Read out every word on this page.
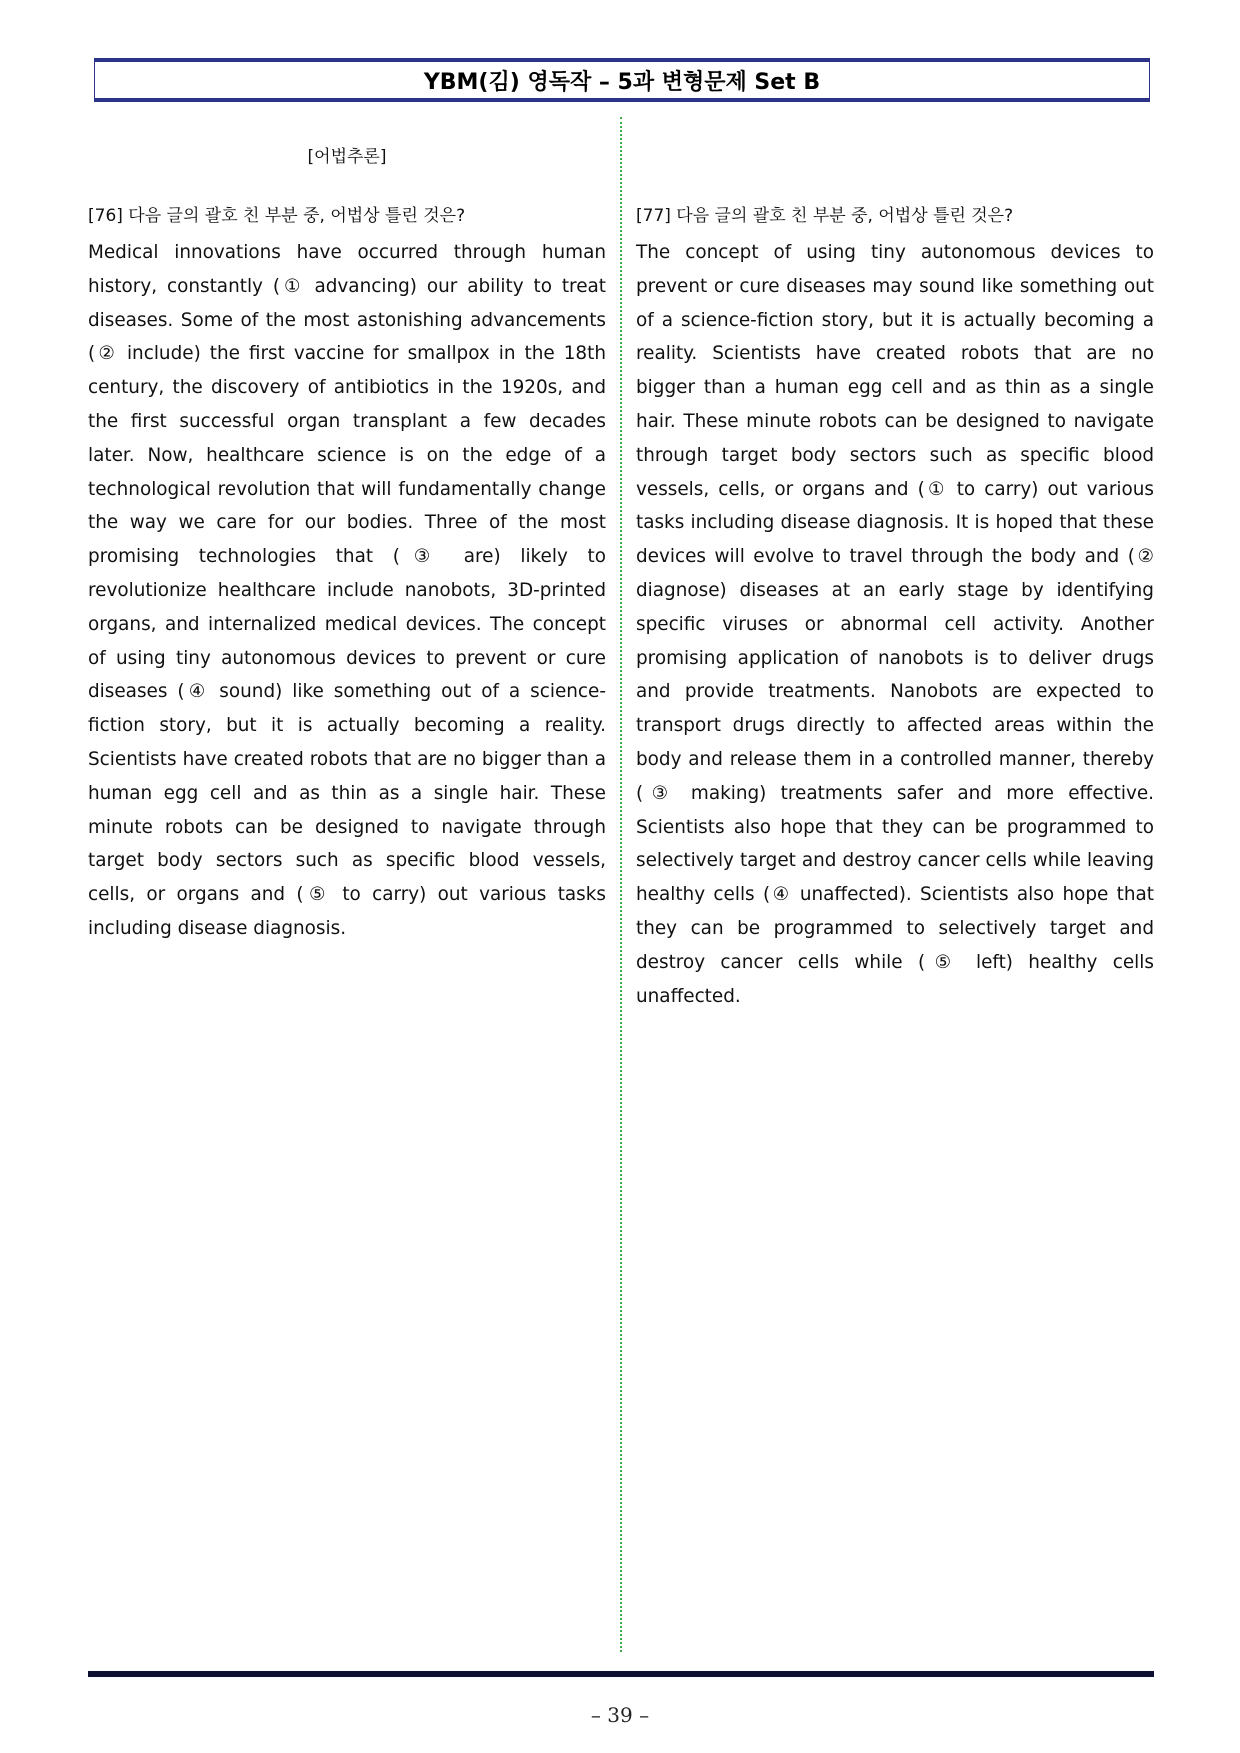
YBM(김) 영독작 – 5과 변형문제 Set B
[어법추론]
[76] 다음 글의 괄호 친 부분 중, 어법상 틀린 것은?

Medical innovations have occurred through human history, constantly (① advancing) our ability to treat diseases. Some of the most astonishing advancements (② include) the first vaccine for smallpox in the 18th century, the discovery of antibiotics in the 1920s, and the first successful organ transplant a few decades later. Now, healthcare science is on the edge of a technological revolution that will fundamentally change the way we care for our bodies. Three of the most promising technologies that (③ are) likely to revolutionize healthcare include nanobots, 3D-printed organs, and internalized medical devices. The concept of using tiny autonomous devices to prevent or cure diseases (④ sound) like something out of a science-fiction story, but it is actually becoming a reality. Scientists have created robots that are no bigger than a human egg cell and as thin as a single hair. These minute robots can be designed to navigate through target body sectors such as specific blood vessels, cells, or organs and (⑤ to carry) out various tasks including disease diagnosis.

[77] 다음 글의 괄호 친 부분 중, 어법상 틀린 것은?

The concept of using tiny autonomous devices to prevent or cure diseases may sound like something out of a science-fiction story, but it is actually becoming a reality. Scientists have created robots that are no bigger than a human egg cell and as thin as a single hair. These minute robots can be designed to navigate through target body sectors such as specific blood vessels, cells, or organs and (① to carry) out various tasks including disease diagnosis. It is hoped that these devices will evolve to travel through the body and (② diagnose) diseases at an early stage by identifying specific viruses or abnormal cell activity. Another promising application of nanobots is to deliver drugs and provide treatments. Nanobots are expected to transport drugs directly to affected areas within the body and release them in a controlled manner, thereby (③ making) treatments safer and more effective. Scientists also hope that they can be programmed to selectively target and destroy cancer cells while leaving healthy cells (④ unaffected). Scientists also hope that they can be programmed to selectively target and destroy cancer cells while (⑤ left) healthy cells unaffected.

– 39 –
